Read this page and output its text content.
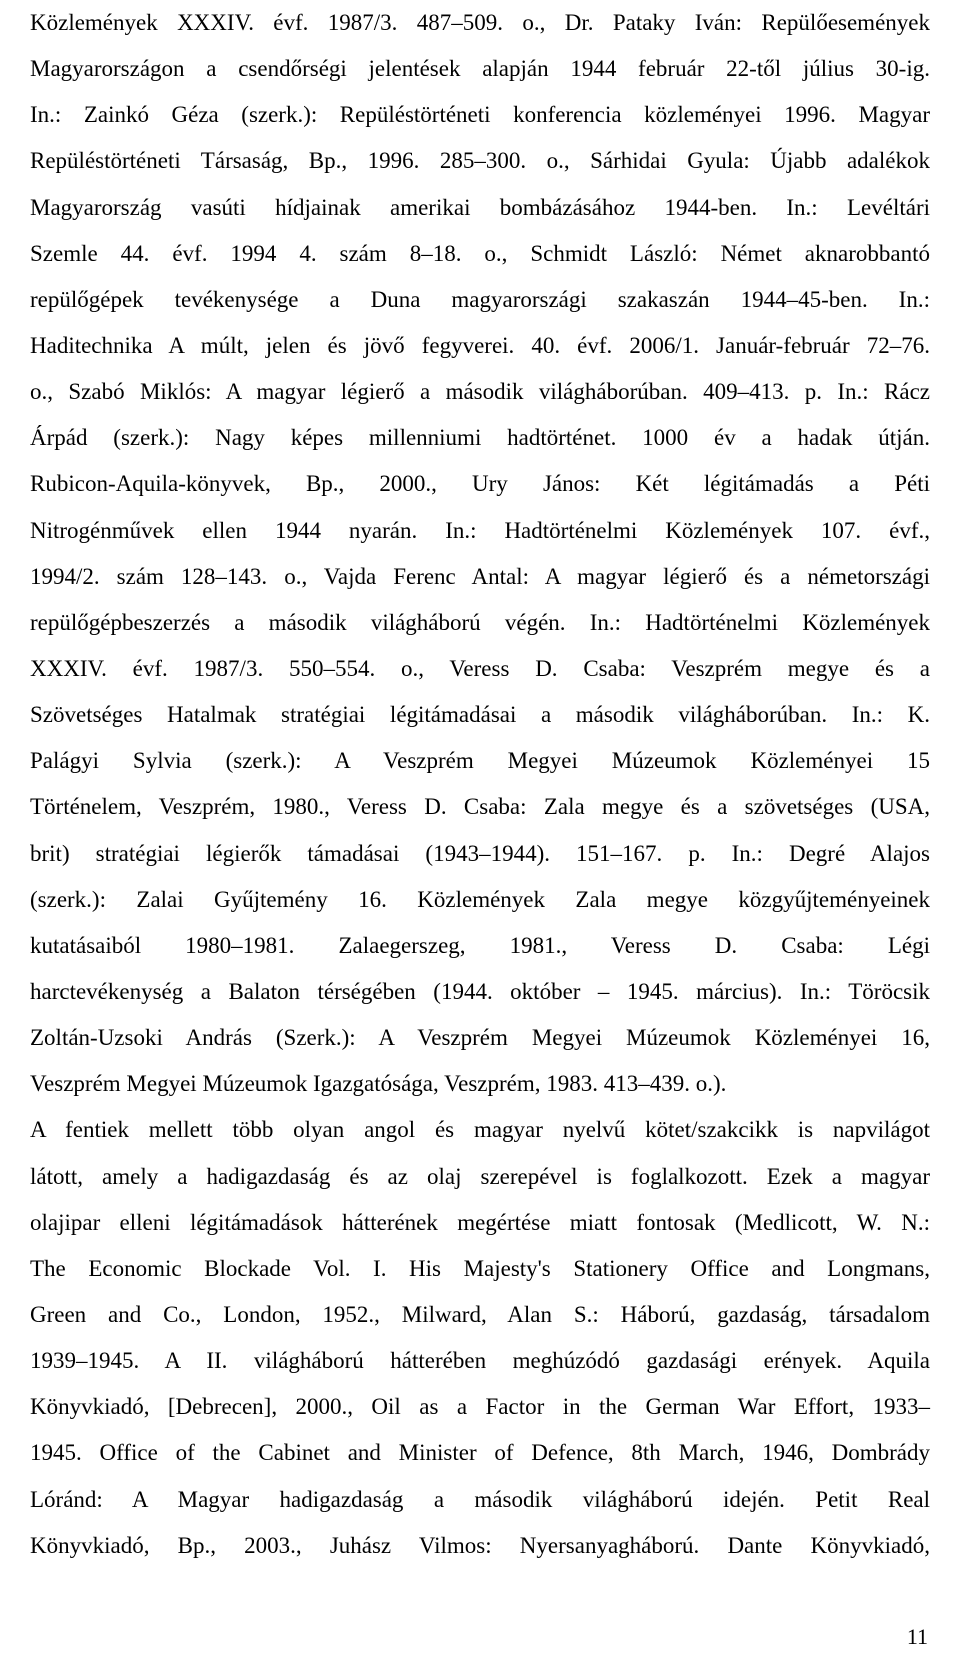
Közlemények XXXIV. évf. 1987/3. 487–509. o., Dr. Pataky Iván: Repülőesemények
Magyarországon a csendőrségi jelentések alapján 1944 február 22-től július 30-ig.
In.: Zainkó Géza (szerk.): Repüléstörténeti konferencia közleményei 1996. Magyar
Repüléstörténeti Társaság, Bp., 1996. 285–300. o., Sárhidai Gyula: Újabb adalékok
Magyarország vasúti hídjainak amerikai bombázásához 1944-ben. In.: Levéltári
Szemle 44. évf. 1994 4. szám 8–18. o., Schmidt László: Német aknarobbantó
repülőgépek tevékenysége a Duna magyarországi szakaszán 1944–45-ben. In.:
Haditechnika A múlt, jelen és jövő fegyverei. 40. évf. 2006/1. Január-február 72–76.
o., Szabó Miklós: A magyar légierő a második világháborúban. 409–413. p. In.: Rácz
Árpád (szerk.): Nagy képes millenniumi hadtörténet. 1000 év a hadak útján.
Rubicon-Aquila-könyvek, Bp., 2000., Ury János: Két légitámadás a Péti
Nitrogénművek ellen 1944 nyarán. In.: Hadtörténelmi Közlemények 107. évf.,
1994/2. szám 128–143. o., Vajda Ferenc Antal: A magyar légierő és a németországi
repülőgépbeszerzés a második világháború végén. In.: Hadtörténelmi Közlemények
XXXIV. évf. 1987/3. 550–554. o., Veress D. Csaba: Veszprém megye és a
Szövetséges Hatalmak stratégiai légitámadásai a második világháborúban. In.: K.
Palágyi Sylvia (szerk.): A Veszprém Megyei Múzeumok Közleményei 15
Történelem, Veszprém, 1980., Veress D. Csaba: Zala megye és a szövetséges (USA,
brit) stratégiai légierők támadásai (1943–1944). 151–167. p. In.: Degré Alajos
(szerk.): Zalai Gyűjtemény 16. Közlemények Zala megye közgyűjteményeinek
kutatásaiból 1980–1981. Zalaegerszeg, 1981., Veress D. Csaba: Légi
harctevékenység a Balaton térségében (1944. október – 1945. március). In.: Töröcsik
Zoltán-Uzsoki András (Szerk.): A Veszprém Megyei Múzeumok Közleményei 16,
Veszprém Megyei Múzeumok Igazgatósága, Veszprém, 1983. 413–439. o.).
A fentiek mellett több olyan angol és magyar nyelvű kötet/szakcikk is napvilágot
látott, amely a hadigazdaság és az olaj szerepével is foglalkozott. Ezek a magyar
olajipar elleni légitámadások hátterének megértése miatt fontosak (Medlicott, W. N.:
The Economic Blockade Vol. I. His Majesty's Stationery Office and Longmans,
Green and Co., London, 1952., Milward, Alan S.: Háború, gazdaság, társadalom
1939–1945. A II. világháború hátterében meghúzódó gazdasági erények. Aquila
Könyvkiadó, [Debrecen], 2000., Oil as a Factor in the German War Effort, 1933–
1945. Office of the Cabinet and Minister of Defence, 8th March, 1946, Dombrády
Lóránd: A Magyar hadigazdaság a második világháború idején. Petit Real
Könyvkiadó, Bp., 2003., Juhász Vilmos: Nyersanyagháború. Dante Könyvkiadó,
11
